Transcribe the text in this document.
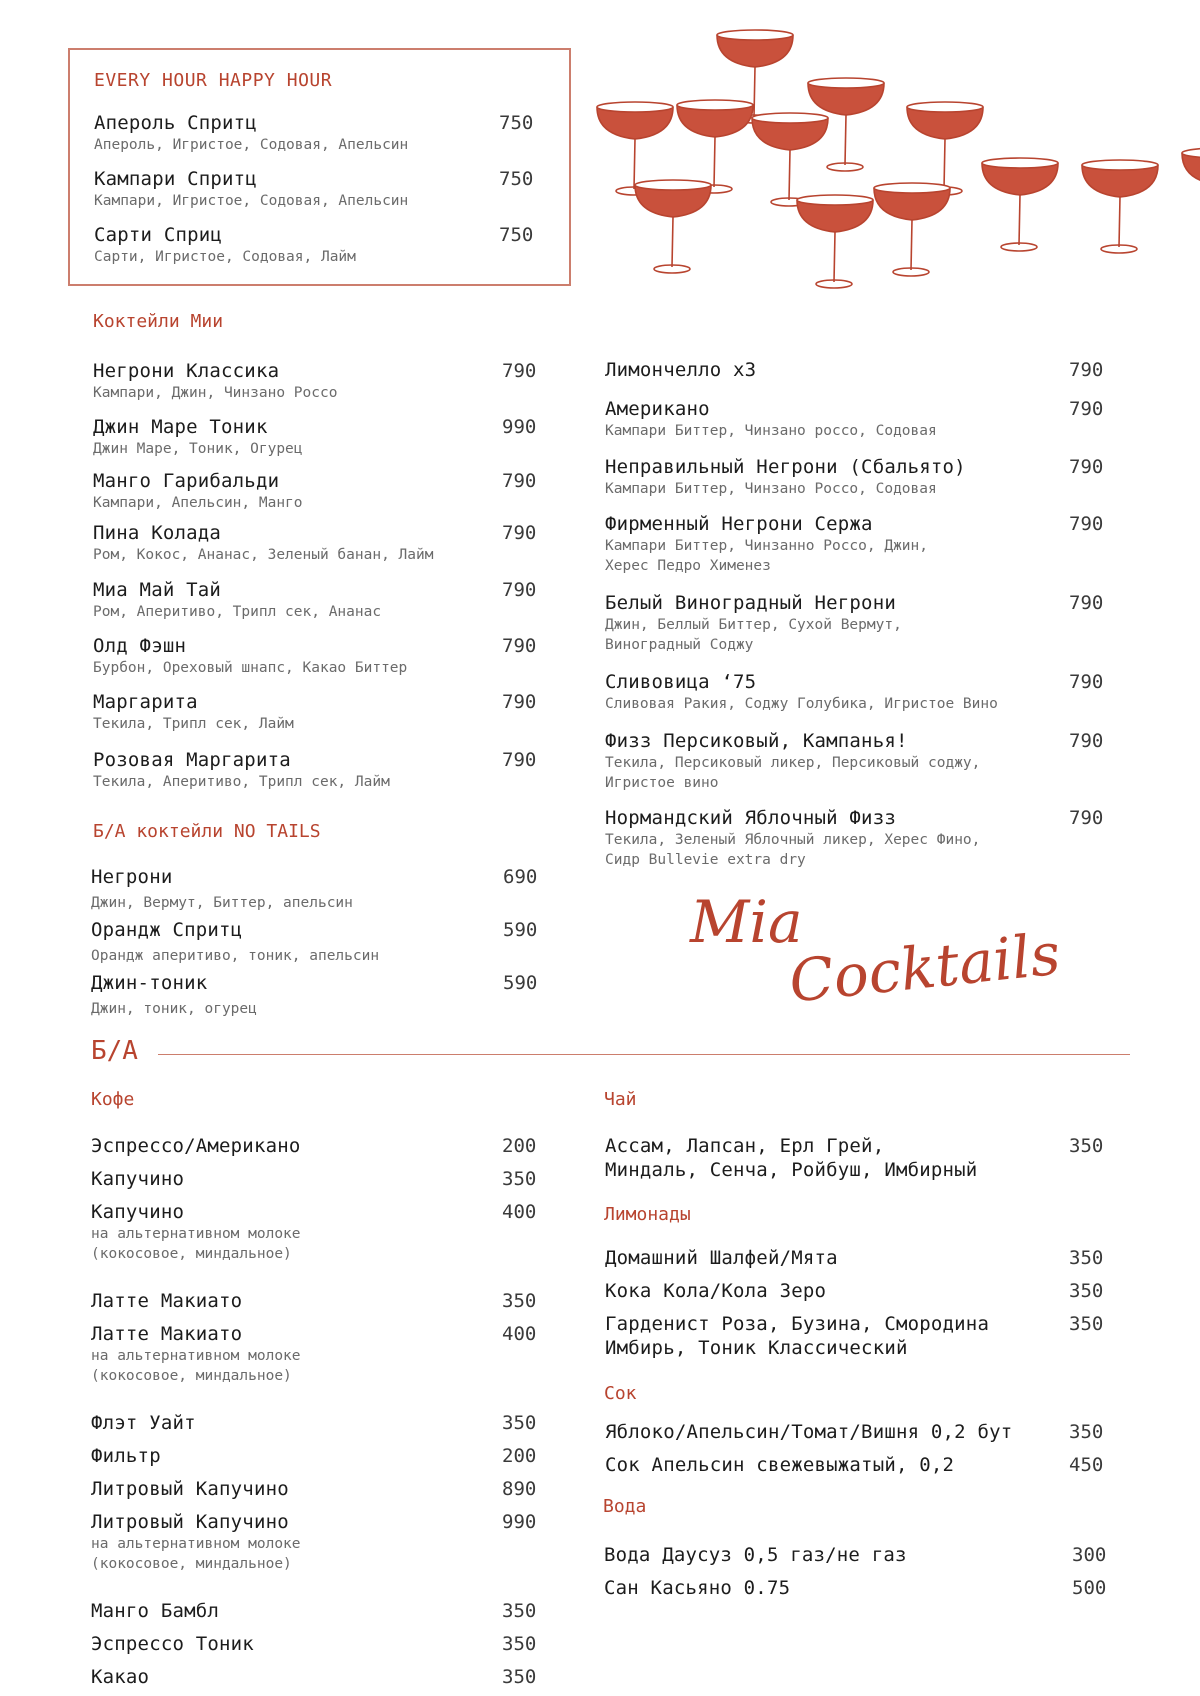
EVERY HOUR HAPPY HOUR
Апероль Спритц
Апероль, Игристое, Содовая, Апельсин
750
Кампари Спритц
Кампари, Игристое, Содовая, Апельсин
750
Сарти Сприц
Сарти, Игристое, Содовая, Лайм
750
Коктейли Мии
Негрони Классика
Кампари, Джин, Чинзано Россо
790
Джин Маре Тоник
Джин Маре, Тоник, Огурец
990
Манго Гарибальди
Кампари, Апельсин, Манго
790
Пина Колада
Ром, Кокос, Ананас, Зеленый банан, Лайм
790
Миа Май Тай
Ром, Аперитиво, Трипл сек, Ананас
790
Олд Фэшн
Бурбон, Ореховый шнапс, Какао Биттер
790
Маргарита
Текила, Трипл сек, Лайм
790
Розовая Маргарита
Текила, Аперитиво, Трипл сек, Лайм
790
Лимончелло х3	790
Американо
Кампари Биттер, Чинзано россо, Содовая
790
Неправильный Негрони (Сбальято)
Кампари Биттер, Чинзано Россо, Содовая
790
Фирменный Негрони Сержа
Кампари Биттер, Чинзанно Россо, Джин,
Херес Педро Хименез
790
Белый Виноградный Негрони
Джин, Беллый Биттер, Сухой Вермут,
Виноградный Соджу
790
Сливовица ‘75
Сливовая Ракия, Соджу Голубика, Игристое Вино
790
Физз Персиковый, Кампанья!
Текила, Персиковый ликер, Персиковый соджу,
Игристое вино
790
Нормандский Яблочный Физз
Текила, Зеленый Яблочный ликер, Херес Фино,
Сидр Bullevie extra dry
790
Б/А коктейли NO TAILS
Негрони
Джин, Вермут, Биттер, апельсин
690
Орандж Спритц
Орандж аперитиво, тоник, апельсин
590
Джин-тоник
Джин, тоник, огурец
590
Mia
Cocktails
Б/А
Кофе
Эспрессо/Американо	200
Капучино	350
Капучино
на альтернативном молоке
(кокосовое, миндальное)
400
Латте Макиато	350
Латте Макиато
на альтернативном молоке
(кокосовое, миндальное)
400
Флэт Уайт	350
Фильтр	200
Литровый Капучино	890
Литровый Капучино
на альтернативном молоке
(кокосовое, миндальное)
990
Манго Бамбл	350
Эспрессо Тоник	350
Какао	350
Чай
Ассам, Лапсан, Ерл Грей,
Миндаль, Сенча, Ройбуш, Имбирный
350
Лимонады
Домашний Шалфей/Мята	350
Кока Кола/Кола Зеро	350
Гарденист Роза, Бузина, Смородина
Имбирь, Тоник Классический
350
Сок
Яблоко/Апельсин/Томат/Вишня 0,2 бут	350
Сок Апельсин свежевыжатый, 0,2	450
Вода
Вода Даусуз 0,5 газ/не газ	300
Сан Касьяно 0.75	500
